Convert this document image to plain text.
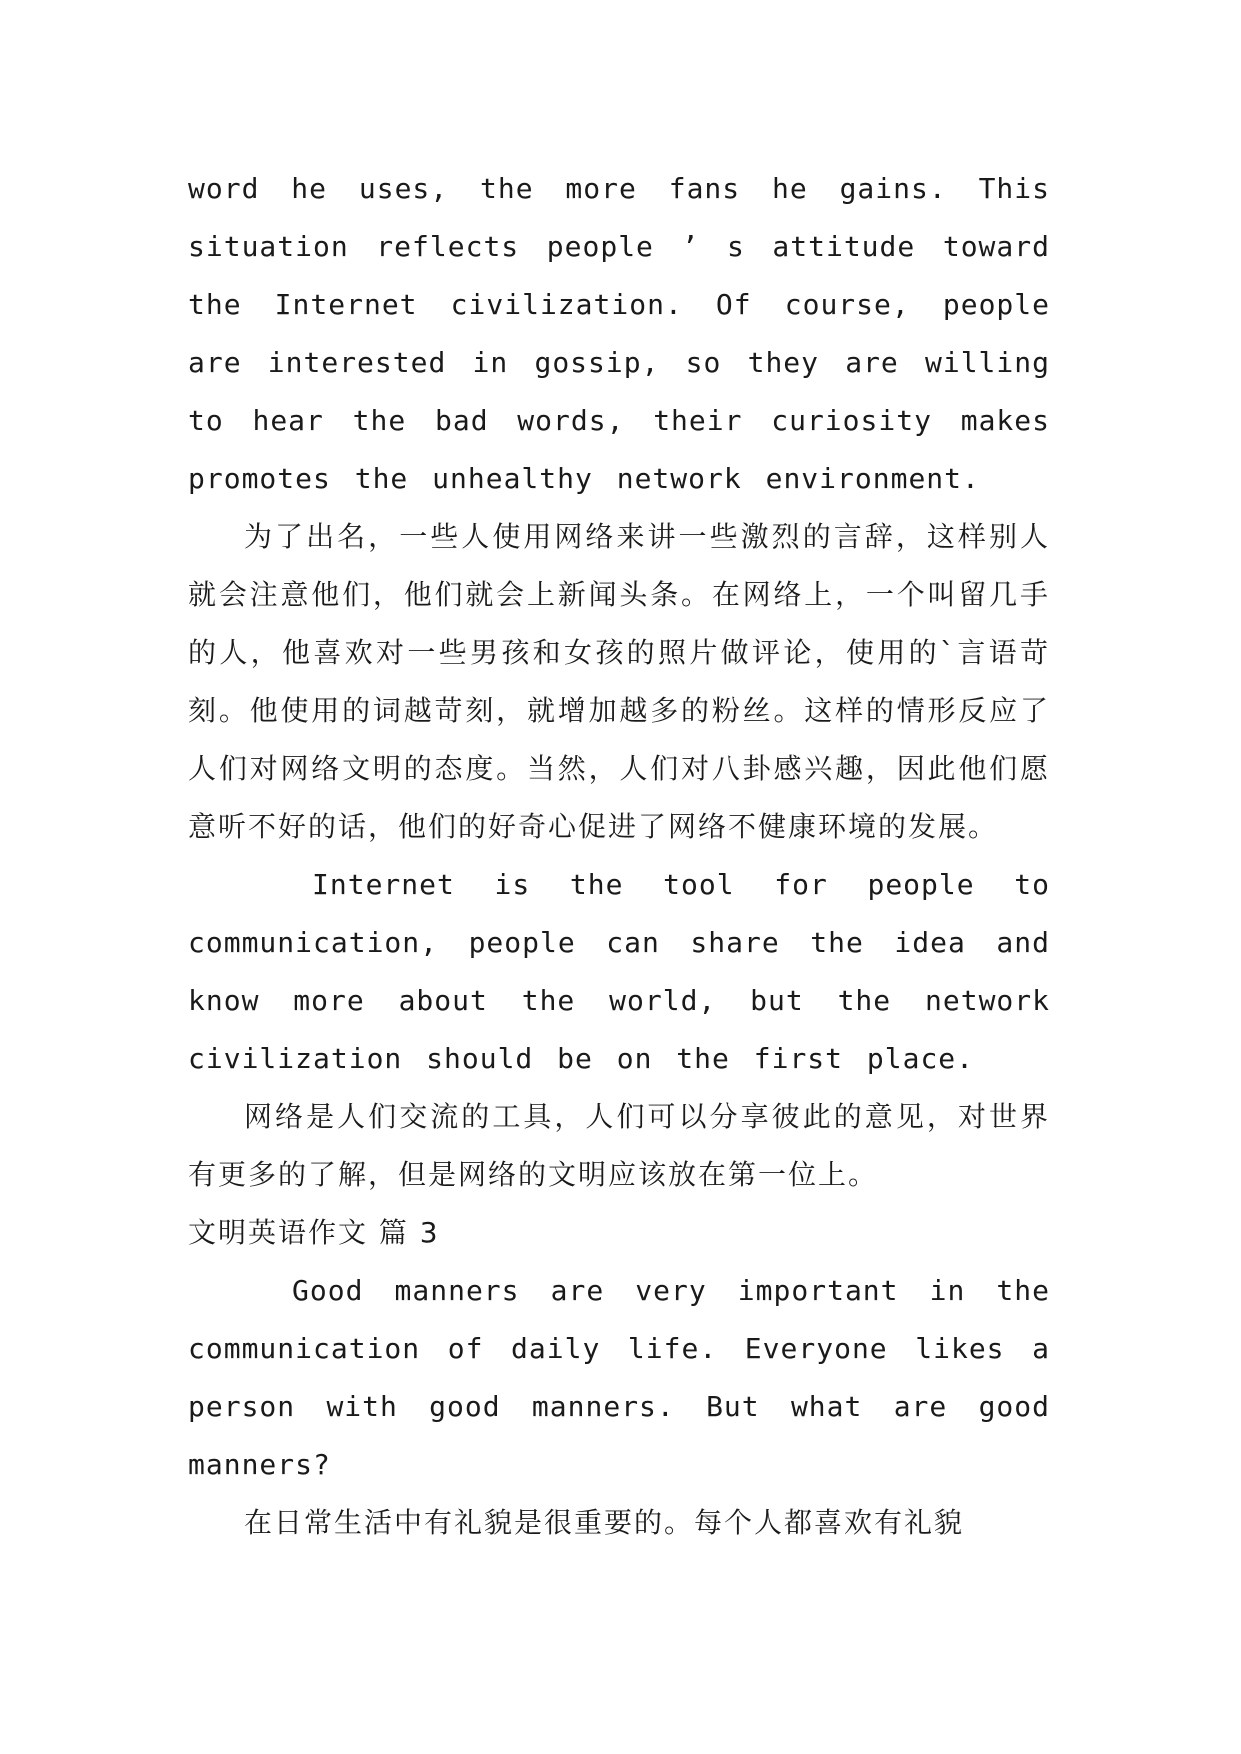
word he uses, the more fans he gains. This situation reflects people ’ s attitude toward the Internet civilization. Of course, people are interested in gossip, so they are willing to hear the bad words, their curiosity makes promotes the unhealthy network environment.

为了出名，一些人使用网络来讲一些激烈的言辞，这样别人就会注意他们，他们就会上新闻头条。在网络上，一个叫留几手的人，他喜欢对一些男孩和女孩的照片做评论，使用的`言语苛刻。他使用的词越苛刻，就增加越多的粉丝。这样的情形反应了人们对网络文明的态度。当然，人们对八卦感兴趣，因此他们愿意听不好的话，他们的好奇心促进了网络不健康环境的发展。

Internet is the tool for people to communication, people can share the idea and know more about the world, but the network civilization should be on the first place.

网络是人们交流的工具，人们可以分享彼此的意见，对世界有更多的了解，但是网络的文明应该放在第一位上。

文明英语作文 篇 3

Good manners are very important in the communication of daily life. Everyone likes a person with good manners. But what are good manners?

在日常生活中有礼貌是很重要的。每个人都喜欢有礼貌
